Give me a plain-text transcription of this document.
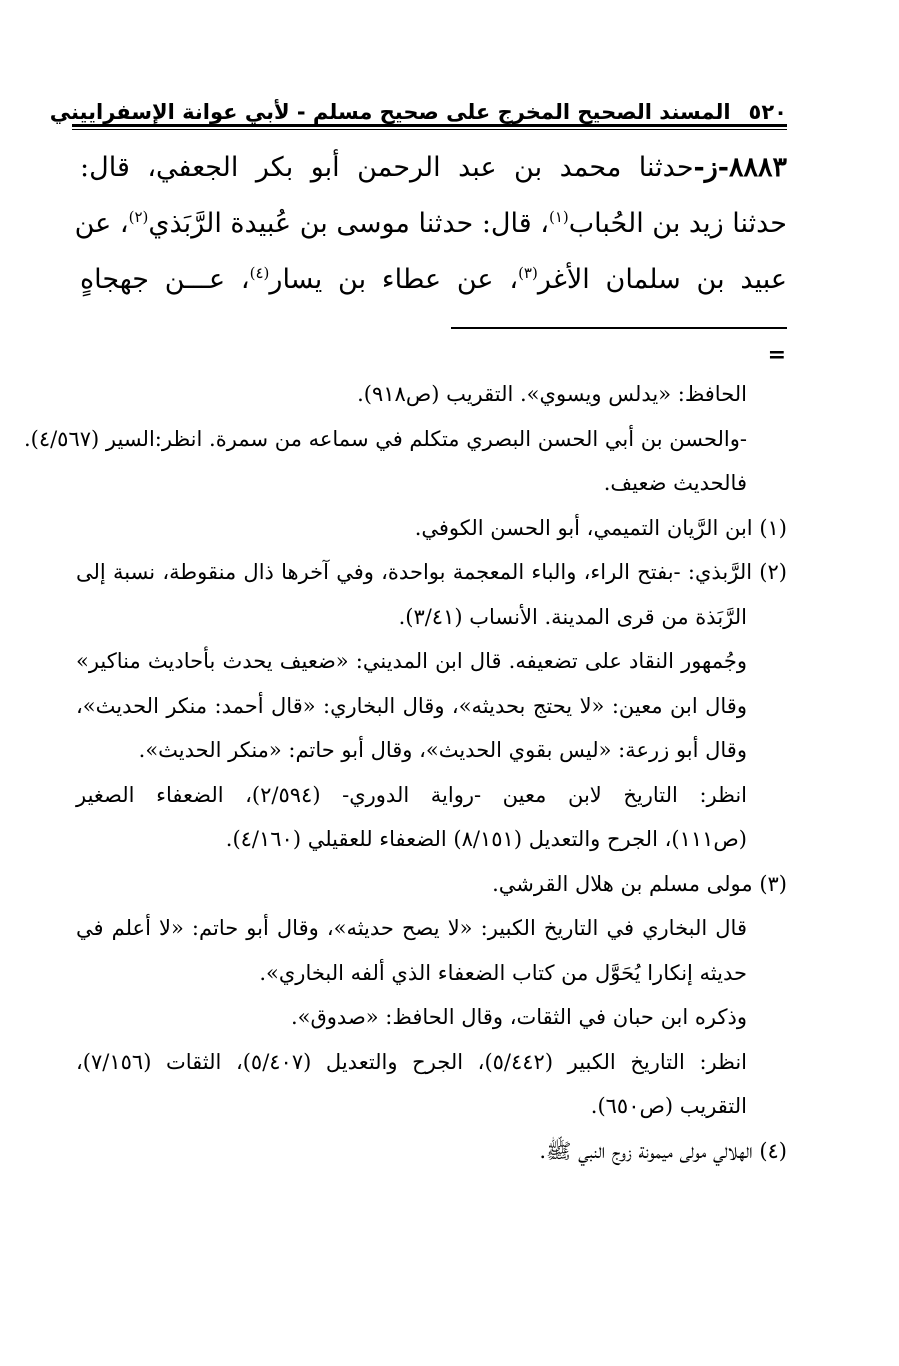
٥٢٠
المسند الصحيح المخرج على صحيح مسلم - لأبي عوانة الإسفراييني
٨٨٨٣-ز-حدثنا محمد بن عبد الرحمن أبو بكر الجعفي، قال:
حدثنا زيد بن الحُباب$^{(١)}$، قال: حدثنا موسى بن عُبيدة الرَّبَذي$^{(٢)}$، عن
عبيد بن سلمان الأغر$^{(٣)}$، عن عطاء بن يسار$^{(٤)}$، عـــن جهجاهٍ
=
الحافظ: «يدلس ويسوي». التقريب (ص٩١٨).
-والحسن بن أبي الحسن البصري متكلم في سماعه من سمرة. انظر:السير (٤/٥٦٧).
فالحديث ضعيف.
(١) ابن الرَّيان التميمي، أبو الحسن الكوفي.
(٢) الرَّبذي: -بفتح الراء، والباء المعجمة بواحدة، وفي آخرها ذال منقوطة، نسبة إلى
الرَّبَذة من قرى المدينة. الأنساب (٣/٤١).
وجُمهور النقاد على تضعيفه. قال ابن المديني: «ضعيف يحدث بأحاديث مناكير»
وقال ابن معين: «لا يحتج بحديثه»، وقال البخاري: «قال أحمد: منكر الحديث»،
وقال أبو زرعة: «ليس بقوي الحديث»، وقال أبو حاتم: «منكر الحديث».
انظر: التاريخ لابن معين -رواية الدوري- (٢/٥٩٤)، الضعفاء الصغير
(ص١١١)، الجرح والتعديل (٨/١٥١) الضعفاء للعقيلي (٤/١٦٠).
(٣) مولى مسلم بن هلال القرشي.
قال البخاري في التاريخ الكبير: «لا يصح حديثه»، وقال أبو حاتم: «لا أعلم في
حديثه إنكارا يُحَوَّل من كتاب الضعفاء الذي ألفه البخاري».
وذكره ابن حبان في الثقات، وقال الحافظ: «صدوق».
انظر: التاريخ الكبير (٥/٤٤٢)، الجرح والتعديل (٥/٤٠٧)، الثقات (٧/١٥٦)،
التقريب (ص٦٥٠).
(٤) الهلالي مولى ميمونة زوج النبي ﷺ.
